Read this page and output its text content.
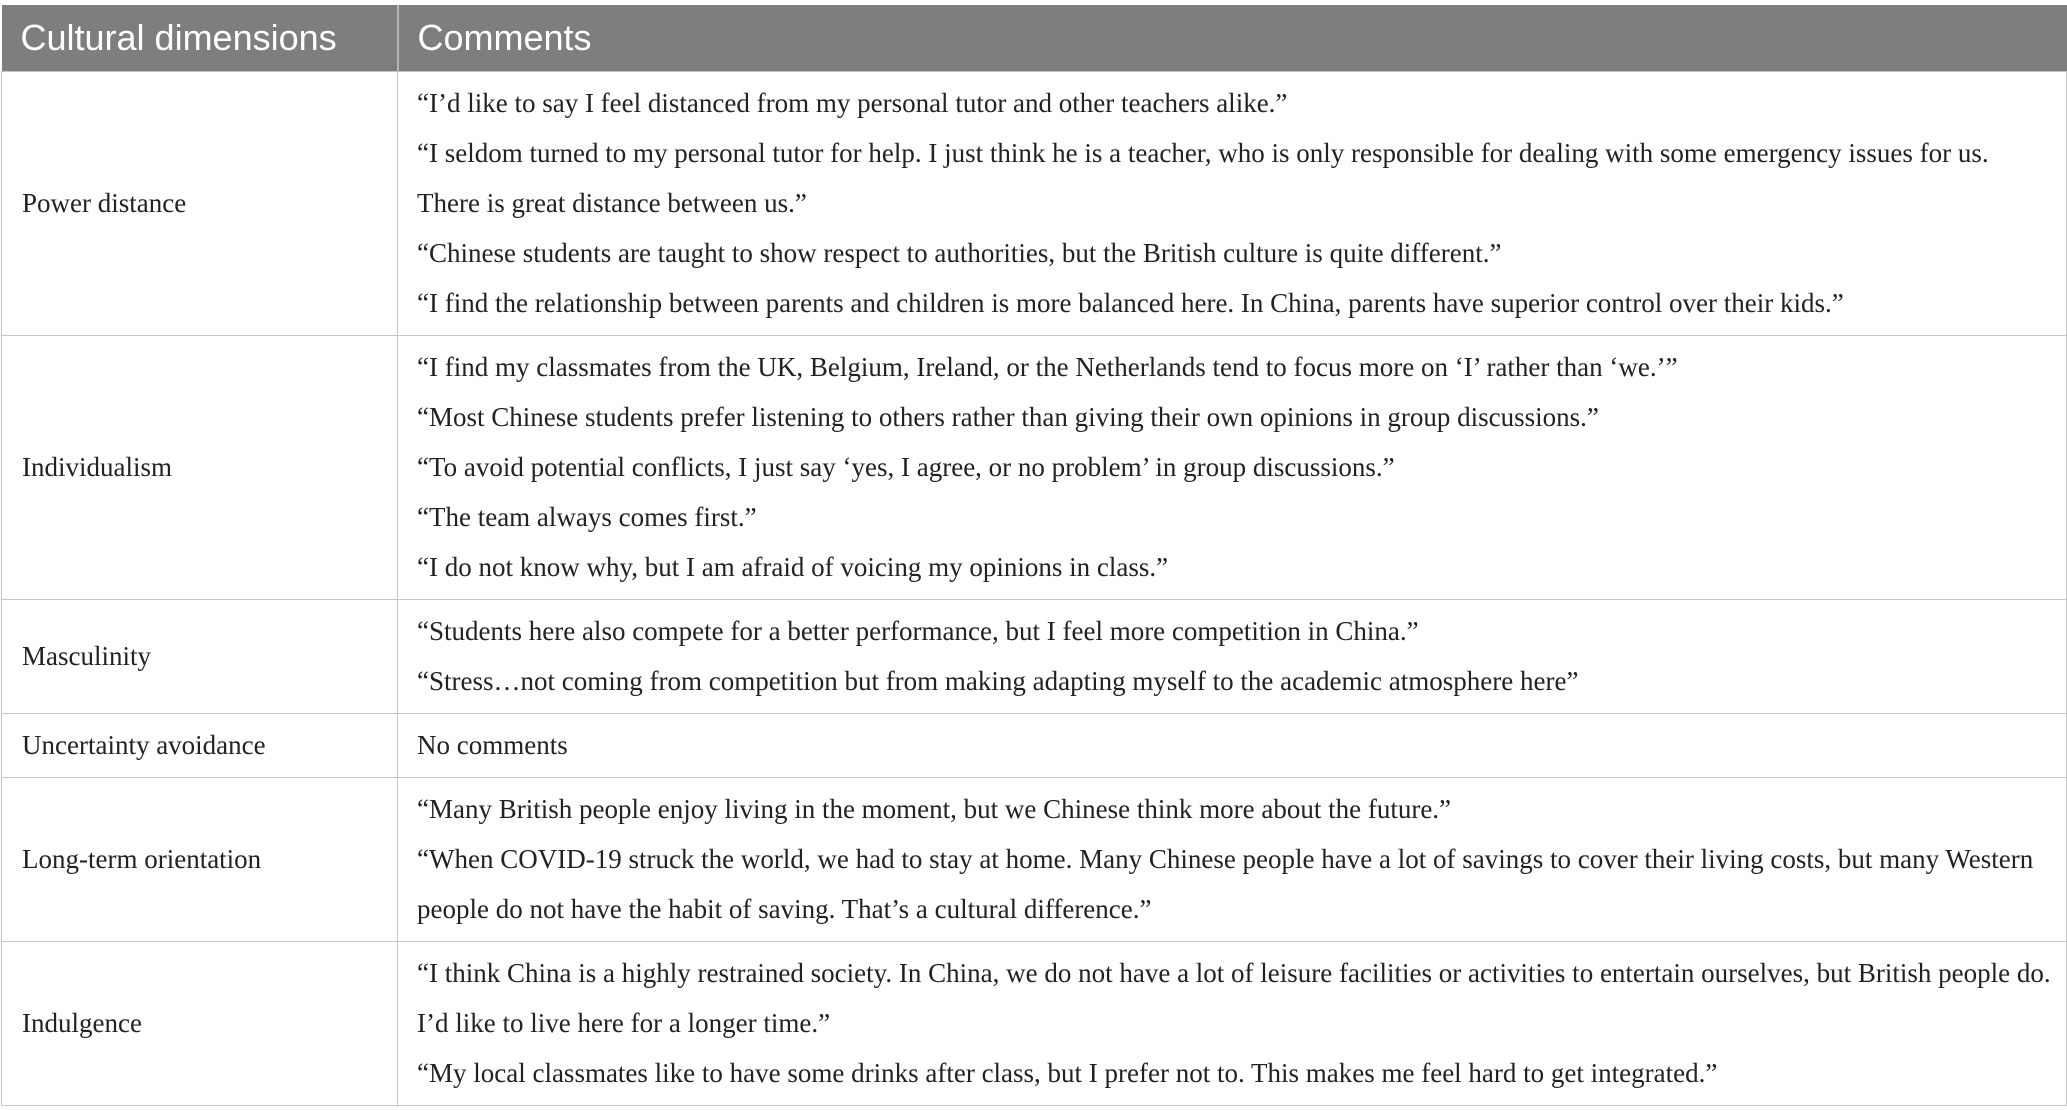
Cultural dimensions	Comments
Power distance	“I’d like to say I feel distanced from my personal tutor and other teachers alike.”
“I seldom turned to my personal tutor for help. I just think he is a teacher, who is only responsible for dealing with some emergency issues for us. There is great distance between us.”
“Chinese students are taught to show respect to authorities, but the British culture is quite different.”
“I find the relationship between parents and children is more balanced here. In China, parents have superior control over their kids.”

Individualism	“I find my classmates from the UK, Belgium, Ireland, or the Netherlands tend to focus more on ‘I’ rather than ‘we.’”
“Most Chinese students prefer listening to others rather than giving their own opinions in group discussions.”
“To avoid potential conflicts, I just say ‘yes, I agree, or no problem’ in group discussions.”
“The team always comes first.”
“I do not know why, but I am afraid of voicing my opinions in class.”

Masculinity	“Students here also compete for a better performance, but I feel more competition in China.”
“Stress…not coming from competition but from making adapting myself to the academic atmosphere here”

Uncertainty avoidance	No comments

Long-term orientation	“Many British people enjoy living in the moment, but we Chinese think more about the future.”
“When COVID-19 struck the world, we had to stay at home. Many Chinese people have a lot of savings to cover their living costs, but many Western people do not have the habit of saving. That’s a cultural difference.”

Indulgence	“I think China is a highly restrained society. In China, we do not have a lot of leisure facilities or activities to entertain ourselves, but British people do. I’d like to live here for a longer time.”
“My local classmates like to have some drinks after class, but I prefer not to. This makes me feel hard to get integrated.”
